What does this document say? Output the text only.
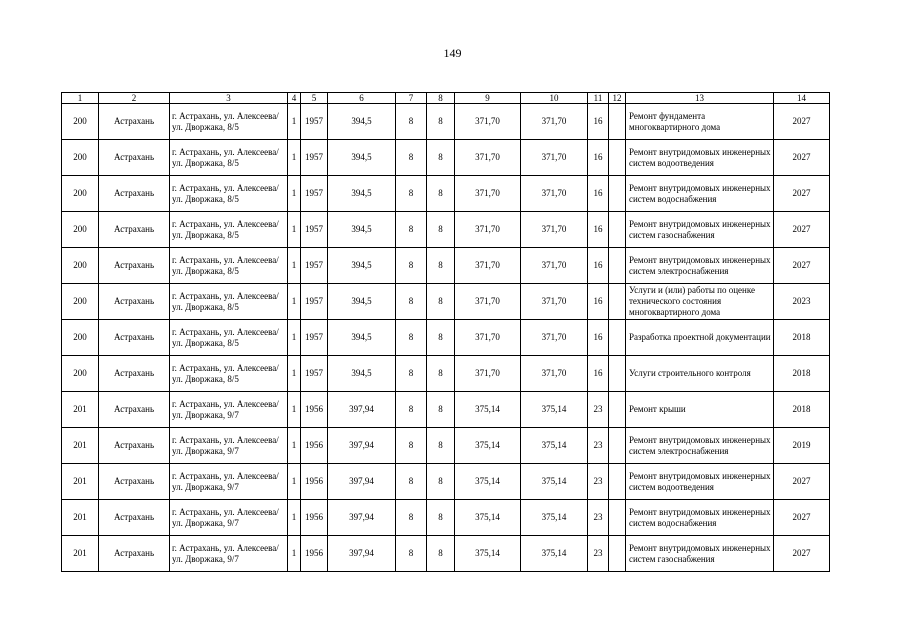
149
1	2	3	4	5	6	7	8	9	10	11	12	13	14
200	Астрахань	г. Астрахань, ул. Алексеева/ ул. Дворжака, 8/5	1	1957	394,5	8	8	371,70	371,70	16		Ремонт фундамента многоквартирного дома	2027
200	Астрахань	г. Астрахань, ул. Алексеева/ ул. Дворжака, 8/5	1	1957	394,5	8	8	371,70	371,70	16		Ремонт внутридомовых инженерных систем водоотведения	2027
200	Астрахань	г. Астрахань, ул. Алексеева/ ул. Дворжака, 8/5	1	1957	394,5	8	8	371,70	371,70	16		Ремонт внутридомовых инженерных систем водоснабжения	2027
200	Астрахань	г. Астрахань, ул. Алексеева/ ул. Дворжака, 8/5	1	1957	394,5	8	8	371,70	371,70	16		Ремонт внутридомовых инженерных систем газоснабжения	2027
200	Астрахань	г. Астрахань, ул. Алексеева/ ул. Дворжака, 8/5	1	1957	394,5	8	8	371,70	371,70	16		Ремонт внутридомовых инженерных систем электроснабжения	2027
200	Астрахань	г. Астрахань, ул. Алексеева/ ул. Дворжака, 8/5	1	1957	394,5	8	8	371,70	371,70	16		Услуги и (или) работы по оценке технического состояния многоквартирного дома	2023
200	Астрахань	г. Астрахань, ул. Алексеева/ ул. Дворжака, 8/5	1	1957	394,5	8	8	371,70	371,70	16		Разработка проектной документации	2018
200	Астрахань	г. Астрахань, ул. Алексеева/ ул. Дворжака, 8/5	1	1957	394,5	8	8	371,70	371,70	16		Услуги строительного контроля	2018
201	Астрахань	г. Астрахань, ул. Алексеева/ ул. Дворжака, 9/7	1	1956	397,94	8	8	375,14	375,14	23		Ремонт крыши	2018
201	Астрахань	г. Астрахань, ул. Алексеева/ ул. Дворжака, 9/7	1	1956	397,94	8	8	375,14	375,14	23		Ремонт внутридомовых инженерных систем электроснабжения	2019
201	Астрахань	г. Астрахань, ул. Алексеева/ ул. Дворжака, 9/7	1	1956	397,94	8	8	375,14	375,14	23		Ремонт внутридомовых инженерных систем водоотведения	2027
201	Астрахань	г. Астрахань, ул. Алексеева/ ул. Дворжака, 9/7	1	1956	397,94	8	8	375,14	375,14	23		Ремонт внутридомовых инженерных систем водоснабжения	2027
201	Астрахань	г. Астрахань, ул. Алексеева/ ул. Дворжака, 9/7	1	1956	397,94	8	8	375,14	375,14	23		Ремонт внутридомовых инженерных систем газоснабжения	2027
